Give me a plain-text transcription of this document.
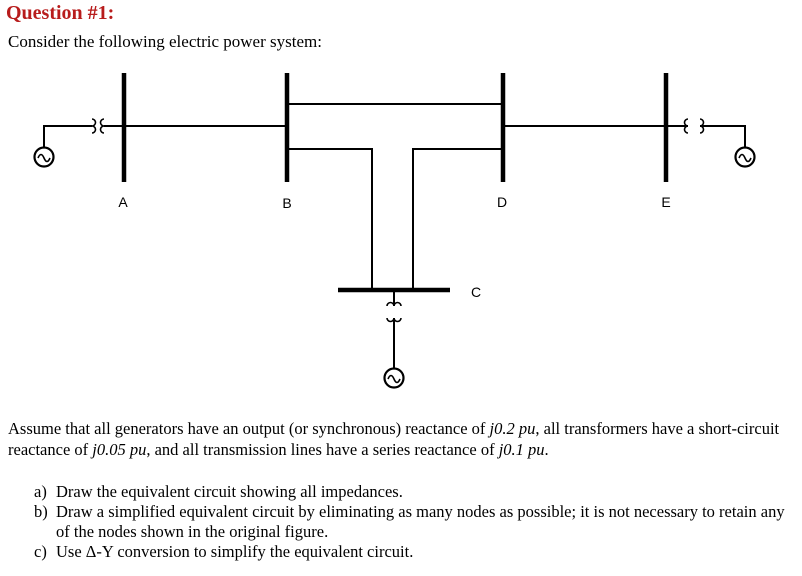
Question #1:

Consider the following electric power system:

A	B	D	E
C

Assume that all generators have an output (or synchronous) reactance of j0.2 pu, all transformers have a short-circuit reactance of j0.05 pu, and all transmission lines have a series reactance of j0.1 pu.

a) Draw the equivalent circuit showing all impedances.
b) Draw a simplified equivalent circuit by eliminating as many nodes as possible; it is not necessary to retain any of the nodes shown in the original figure.
c) Use Δ-Y conversion to simplify the equivalent circuit.
